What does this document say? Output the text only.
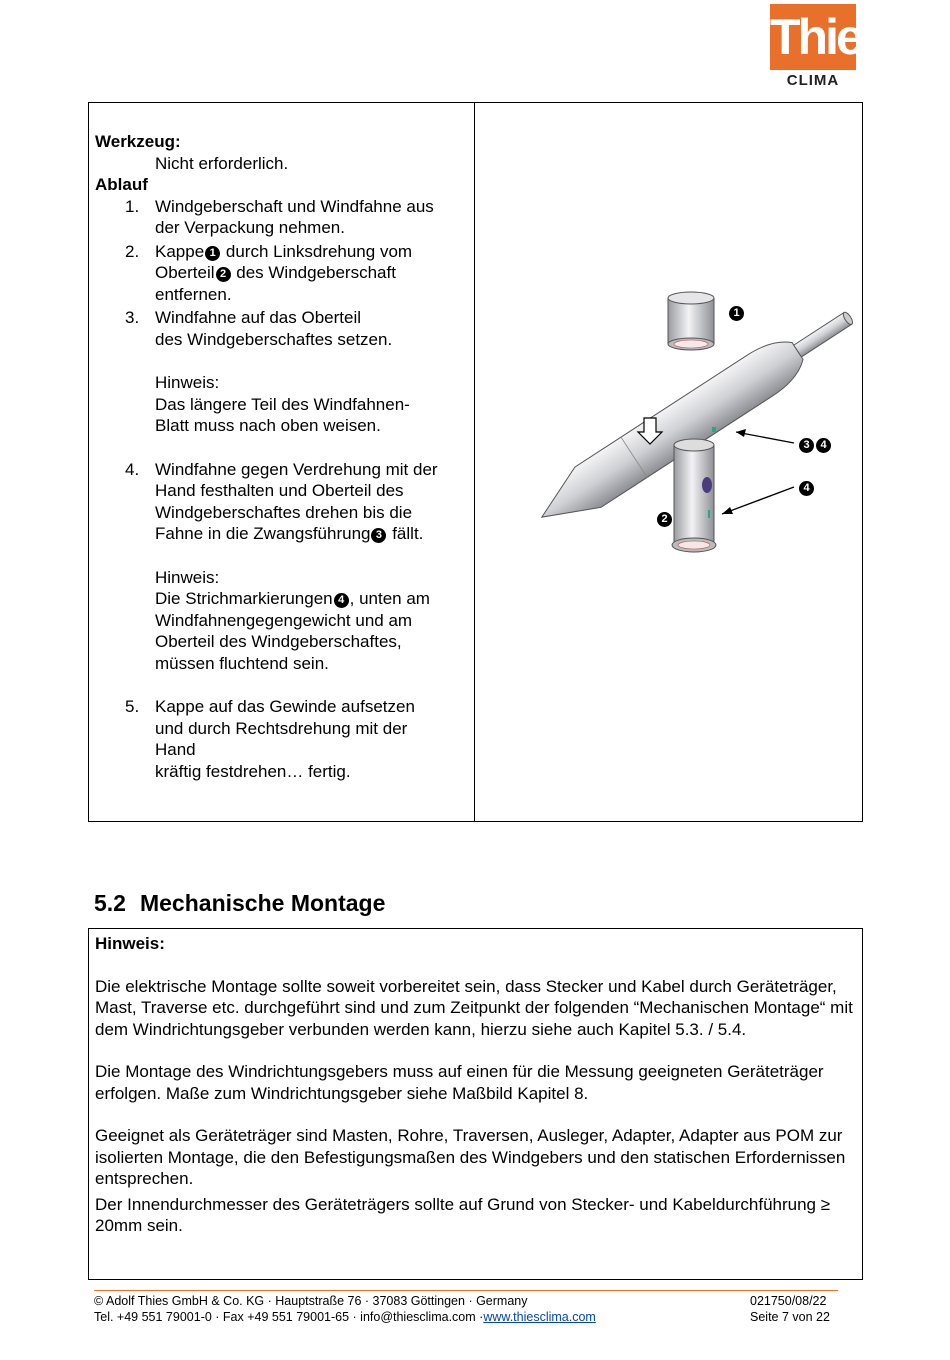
Thies
CLIMA
Werkzeug:
Nicht erforderlich.
Ablauf
1. Windgeberschaft und Windfahne aus
der Verpackung nehmen.
2. Kappe 1 durch Linksdrehung vom
Oberteil 2 des Windgeberschaft
entfernen.
3. Windfahne auf das Oberteil
des Windgeberschaftes setzen.
Hinweis:
Das längere Teil des Windfahnen-
Blatt muss nach oben weisen.
4. Windfahne gegen Verdrehung mit der
Hand festhalten und Oberteil des
Windgeberschaftes drehen bis die
Fahne in die Zwangsführung 3 fällt.
Hinweis:
Die Strichmarkierungen 4 , unten am
Windfahnengegengewicht und am
Oberteil des Windgeberschaftes,
müssen fluchtend sein.
5. Kappe auf das Gewinde aufsetzen
und durch Rechtsdrehung mit der
Hand
kräftig festdrehen… fertig.
1
3 4
4
2
5.2 Mechanische Montage

Hinweis:

Die elektrische Montage sollte soweit vorbereitet sein, dass Stecker und Kabel durch Geräteträger, Mast, Traverse etc. durchgeführt sind und zum Zeitpunkt der folgenden “Mechanischen Montage“ mit dem Windrichtungsgeber verbunden werden kann, hierzu siehe auch Kapitel 5.3. / 5.4.

Die Montage des Windrichtungsgebers muss auf einen für die Messung geeigneten Geräteträger erfolgen. Maße zum Windrichtungsgeber siehe Maßbild Kapitel 8.

Geeignet als Geräteträger sind Masten, Rohre, Traversen, Ausleger, Adapter, Adapter aus POM zur isolierten Montage, die den Befestigungsmaßen des Windgebers und den statischen Erfordernissen entsprechen.

Der Innendurchmesser des Geräteträgers sollte auf Grund von Stecker- und Kabeldurchführung ≥ 20mm sein.

© Adolf Thies GmbH & Co. KG · Hauptstraße 76 · 37083 Göttingen · Germany
Tel. +49 551 79001-0 · Fax +49 551 79001-65 · info@thiesclima.com ·www.thiesclima.com
021750/08/22
Seite 7 von 22
